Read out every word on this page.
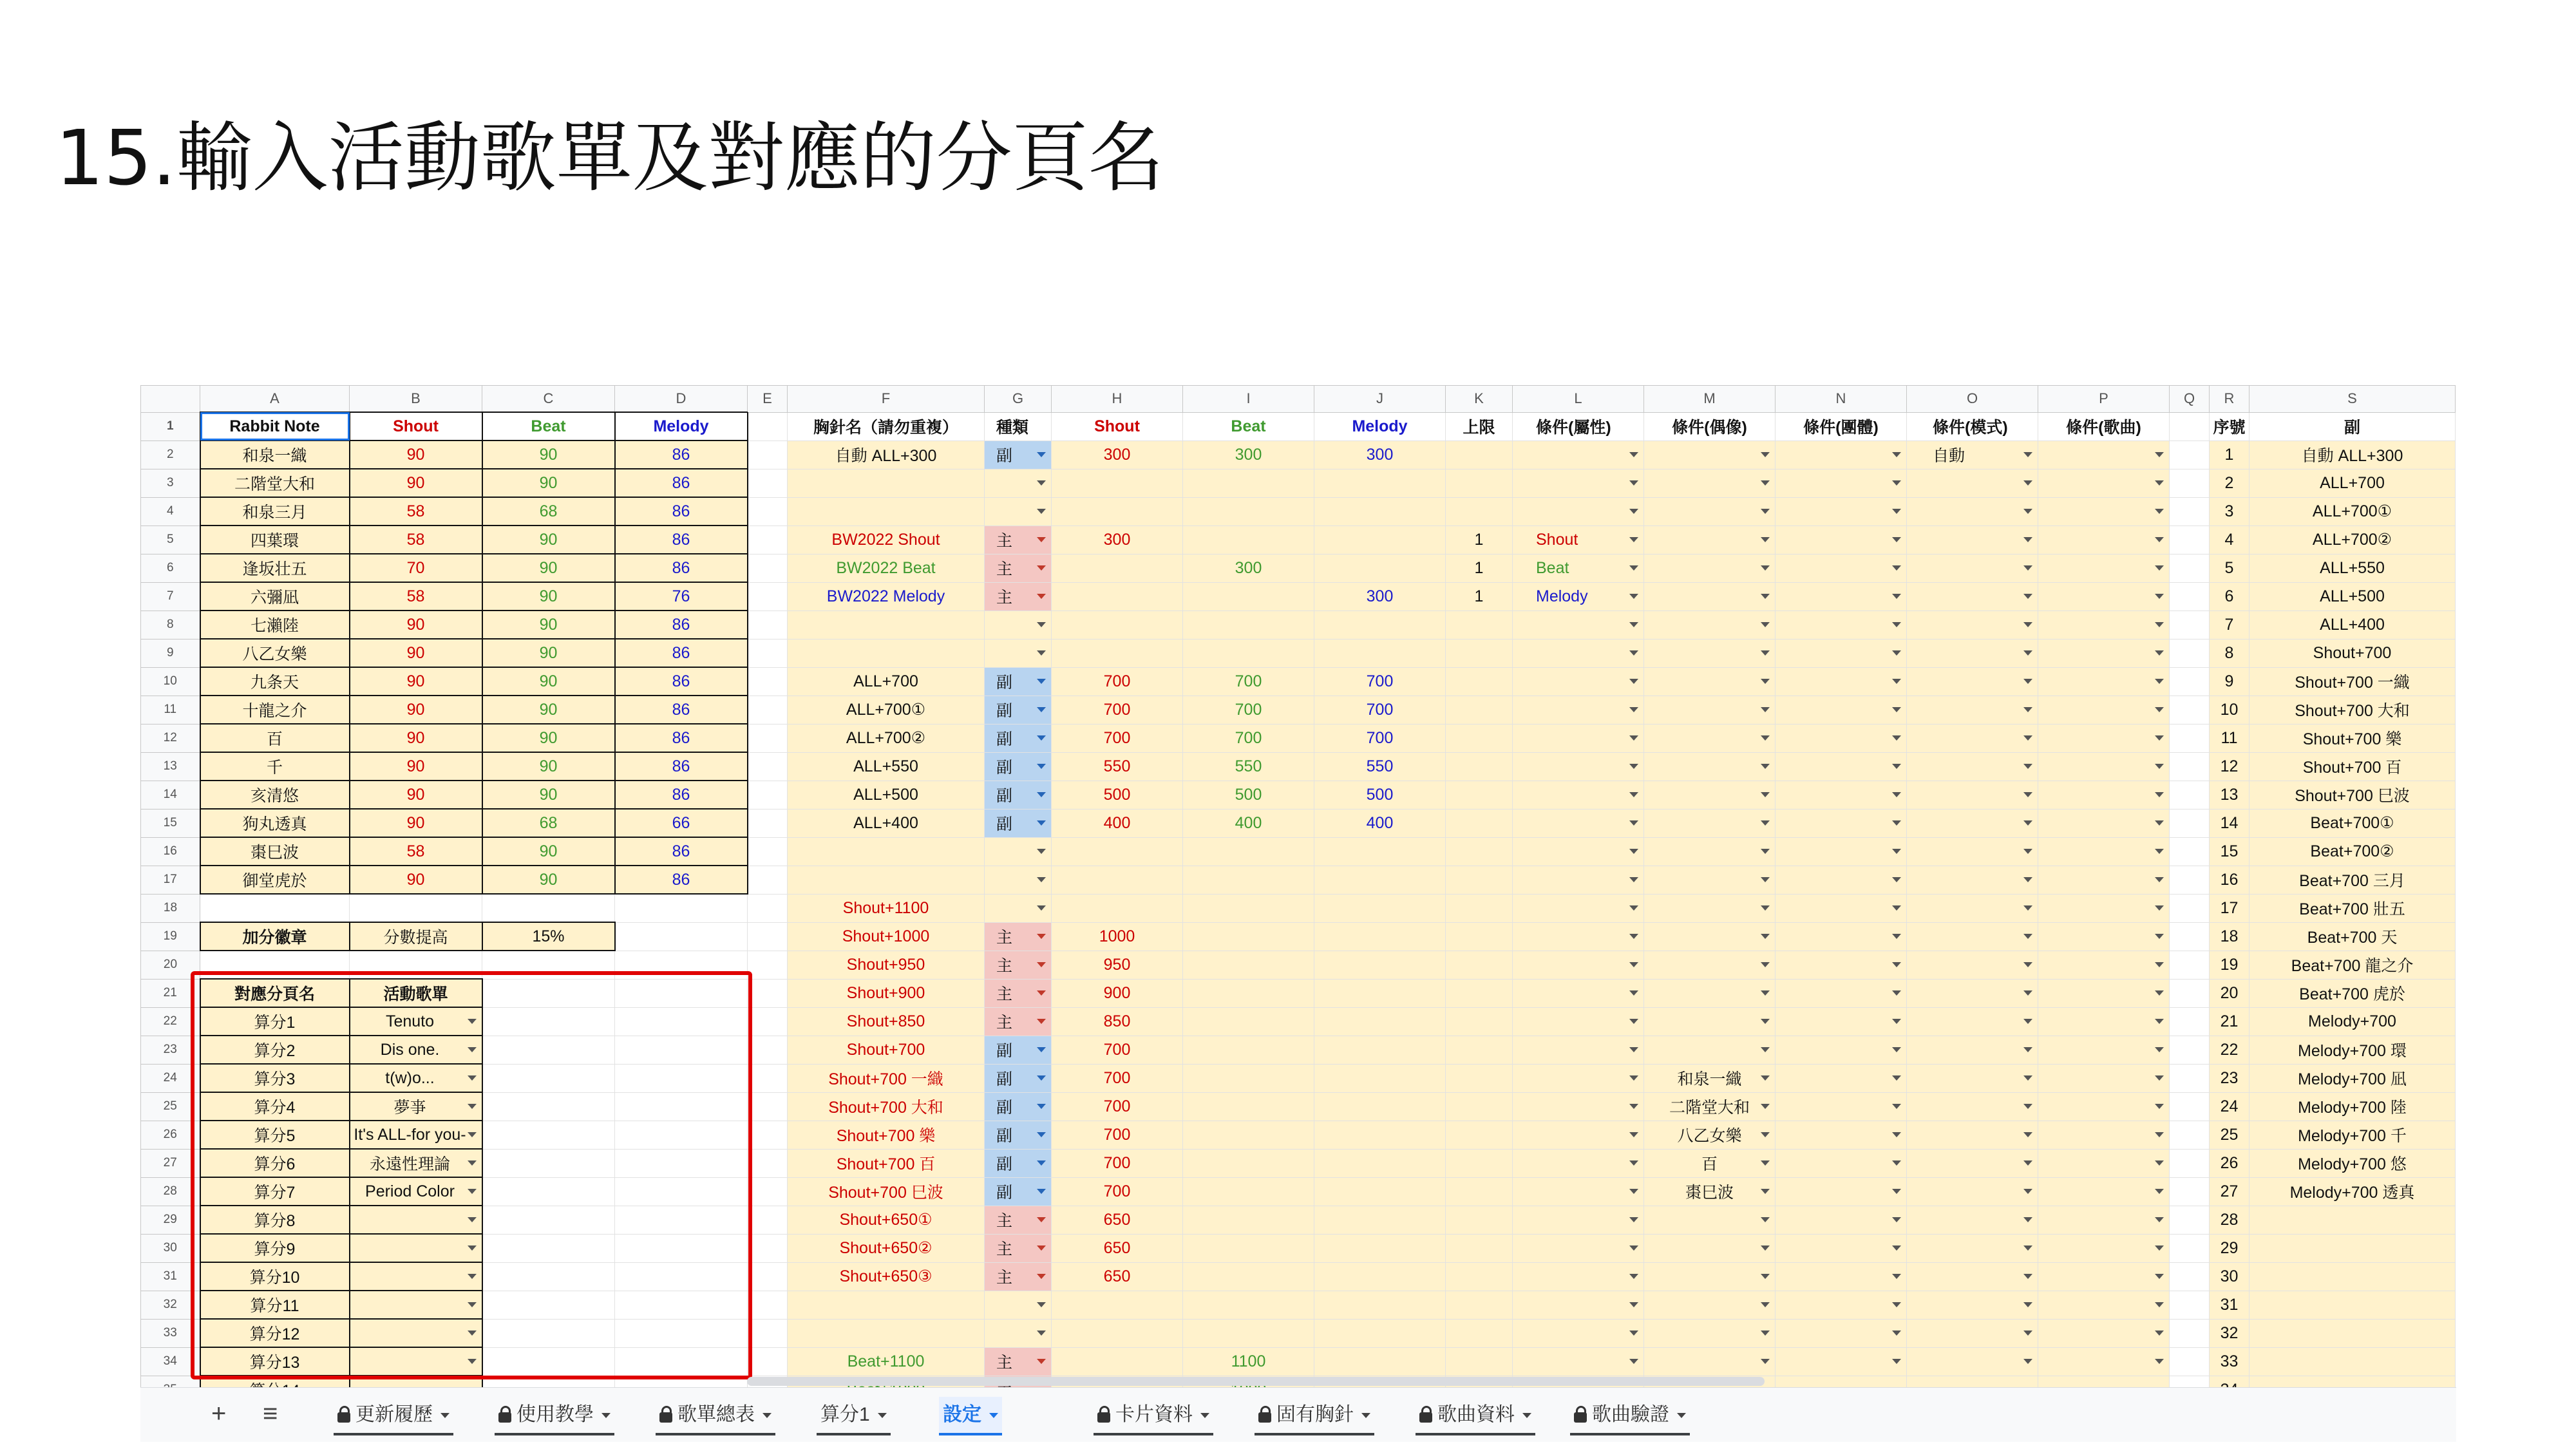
15.輸入活動歌單及對應的分頁名
	A	B	C	D	E	F	G	H	I	J	K	L	M	N	O	P	Q	R	S
1	Rabbit Note	Shout	Beat	Melody		胸針名（請勿重複）	種類	Shout	Beat	Melody	上限	條件(屬性)	條件(偶像)	條件(團體)	條件(模式)	條件(歌曲)		序號	副
2	和泉一織	90	90	86		自動 ALL+300	副	300	300	300					自動			1	自動 ALL+300
3	二階堂大和	90	90	86														2	ALL+700
4	和泉三月	58	68	86														3	ALL+700①
5	四葉環	58	90	86		BW2022 Shout	主	300			1	Shout						4	ALL+700②
6	逢坂壮五	70	90	86		BW2022 Beat	主		300		1	Beat						5	ALL+550
7	六彌凪	58	90	76		BW2022 Melody	主			300	1	Melody						6	ALL+500
8	七瀨陸	90	90	86														7	ALL+400
9	八乙女樂	90	90	86														8	Shout+700
10	九条天	90	90	86		ALL+700	副	700	700	700								9	Shout+700 一織
11	十龍之介	90	90	86		ALL+700①	副	700	700	700								10	Shout+700 大和
12	百	90	90	86		ALL+700②	副	700	700	700								11	Shout+700 樂
13	千	90	90	86		ALL+550	副	550	550	550								12	Shout+700 百
14	亥清悠	90	90	86		ALL+500	副	500	500	500								13	Shout+700 巳波
15	狗丸透真	90	68	66		ALL+400	副	400	400	400								14	Beat+700①
16	棗巳波	58	90	86														15	Beat+700②
17	御堂虎於	90	90	86														16	Beat+700 三月
18						Shout+1100												17	Beat+700 壯五
19	加分徽章	分數提高	15%			Shout+1000	主	1000										18	Beat+700 天
20						Shout+950	主	950										19	Beat+700 龍之介
21	對應分頁名	活動歌單				Shout+900	主	900										20	Beat+700 虎於
22	算分1	Tenuto				Shout+850	主	850										21	Melody+700
23	算分2	Dis one.				Shout+700	副	700										22	Melody+700 環
24	算分3	t(w)o...				Shout+700 一織	副	700					和泉一織					23	Melody+700 凪
25	算分4	夢亊				Shout+700 大和	副	700					二階堂大和					24	Melody+700 陸
26	算分5	It's ALL-for you-				Shout+700 樂	副	700					八乙女樂					25	Melody+700 千
27	算分6	永遠性理論				Shout+700 百	副	700					百					26	Melody+700 悠
28	算分7	Period Color				Shout+700 巳波	副	700					棗巳波					27	Melody+700 透真
29	算分8					Shout+650①	主	650										28	
30	算分9					Shout+650②	主	650										29	
31	算分10					Shout+650③	主	650										30	
32	算分11																	31	
33	算分12																	32	
34	算分13					Beat+1100	主		1100									33	

+ ≡	更新履歷	使用教學	歌單總表	算分1	設定	卡片資料	固有胸針	歌曲資料	歌曲驗證
